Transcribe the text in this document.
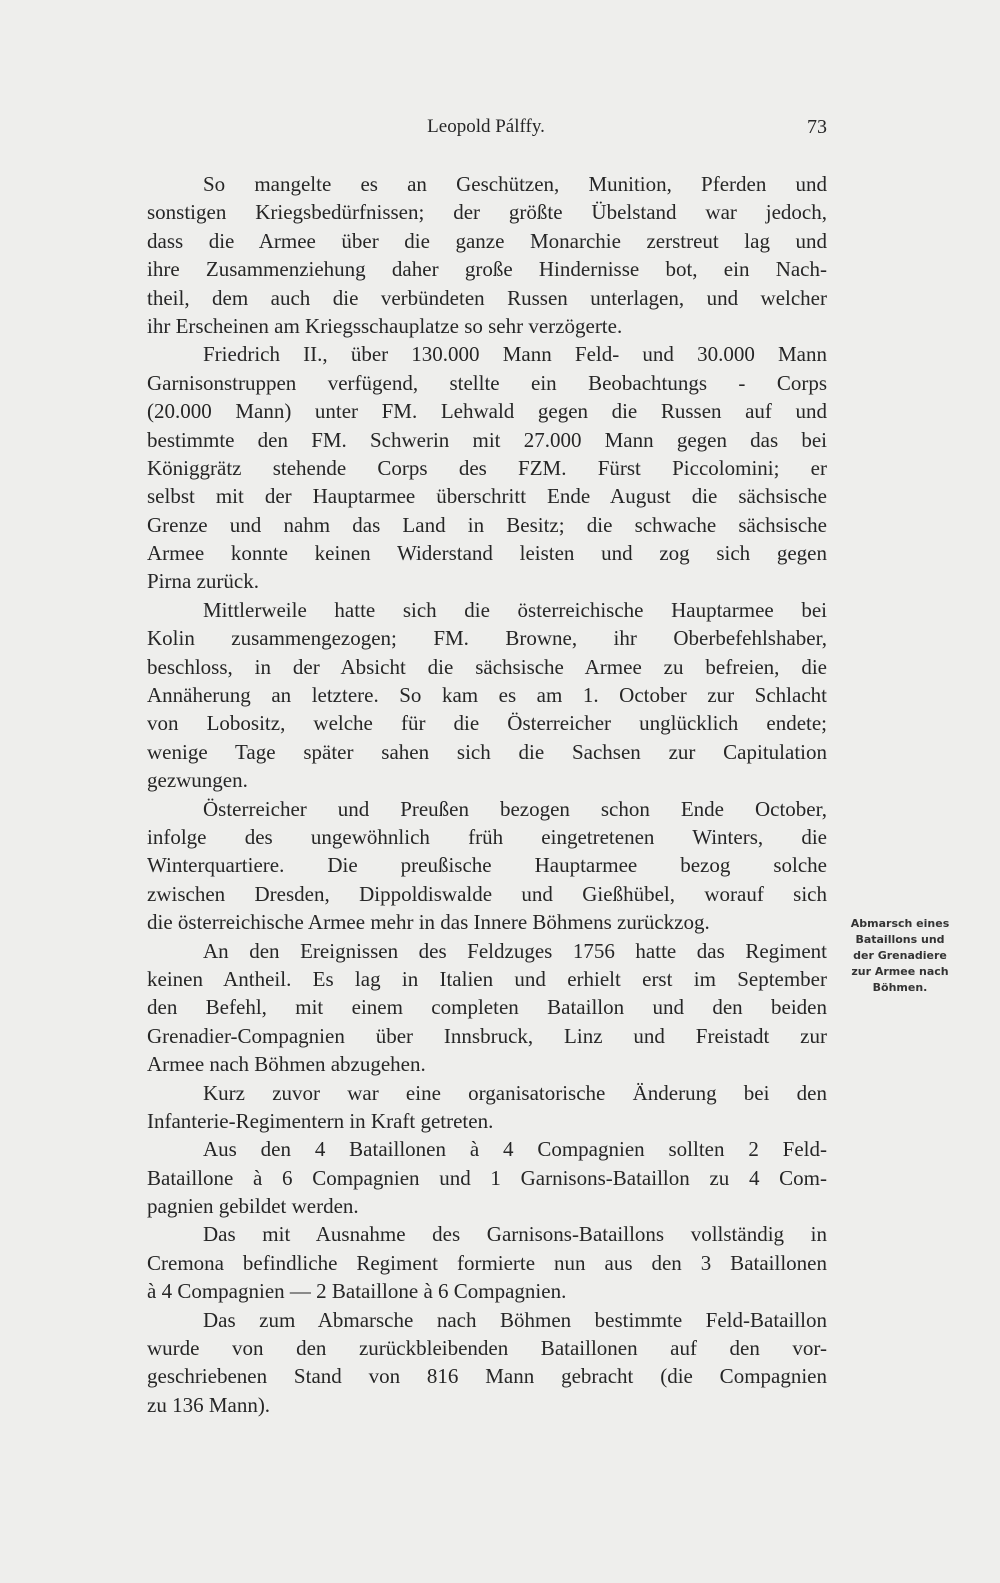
Leopold Pálffy.	73

So mangelte es an Geschützen, Munition, Pferden und

sonstigen Kriegsbedürfnissen; der größte Übelstand war jedoch,

dass die Armee über die ganze Monarchie zerstreut lag und

ihre Zusammenziehung daher große Hindernisse bot, ein Nach-

theil, dem auch die verbündeten Russen unterlagen, und welcher

ihr Erscheinen am Kriegsschauplatze so sehr verzögerte.

Friedrich II., über 130.000 Mann Feld- und 30.000 Mann

Garnisonstruppen verfügend, stellte ein Beobachtungs - Corps

(20.000 Mann) unter FM. Lehwald gegen die Russen auf und

bestimmte den FM. Schwerin mit 27.000 Mann gegen das bei

Königgrätz stehende Corps des FZM. Fürst Piccolomini; er

selbst mit der Hauptarmee überschritt Ende August die sächsische

Grenze und nahm das Land in Besitz; die schwache sächsische

Armee konnte keinen Widerstand leisten und zog sich gegen

Pirna zurück.

Mittlerweile hatte sich die österreichische Hauptarmee bei

Kolin zusammengezogen; FM. Browne, ihr Oberbefehlshaber,

beschloss, in der Absicht die sächsische Armee zu befreien, die

Annäherung an letztere. So kam es am 1. October zur Schlacht

von Lobositz, welche für die Österreicher unglücklich endete;

wenige Tage später sahen sich die Sachsen zur Capitulation

gezwungen.

Österreicher und Preußen bezogen schon Ende October,

infolge des ungewöhnlich früh eingetretenen Winters, die

Winterquartiere. Die preußische Hauptarmee bezog solche

zwischen Dresden, Dippoldiswalde und Gießhübel, worauf sich

die österreichische Armee mehr in das Innere Böhmens zurückzog.

An den Ereignissen des Feldzuges 1756 hatte das Regiment

keinen Antheil. Es lag in Italien und erhielt erst im September

den Befehl, mit einem completen Bataillon und den beiden

Grenadier-Compagnien über Innsbruck, Linz und Freistadt zur

Armee nach Böhmen abzugehen.

Kurz zuvor war eine organisatorische Änderung bei den

Infanterie-Regimentern in Kraft getreten.

Aus den 4 Bataillonen à 4 Compagnien sollten 2 Feld-

Bataillone à 6 Compagnien und 1 Garnisons-Bataillon zu 4 Com-

pagnien gebildet werden.

Das mit Ausnahme des Garnisons-Bataillons vollständig in

Cremona befindliche Regiment formierte nun aus den 3 Bataillonen

à 4 Compagnien — 2 Bataillone à 6 Compagnien.

Das zum Abmarsche nach Böhmen bestimmte Feld-Bataillon

wurde von den zurückbleibenden Bataillonen auf den vor-

geschriebenen Stand von 816 Mann gebracht (die Compagnien

zu 136 Mann).

Abmarsch eines
Bataillons und
der Grenadiere
zur Armee nach
Böhmen.
